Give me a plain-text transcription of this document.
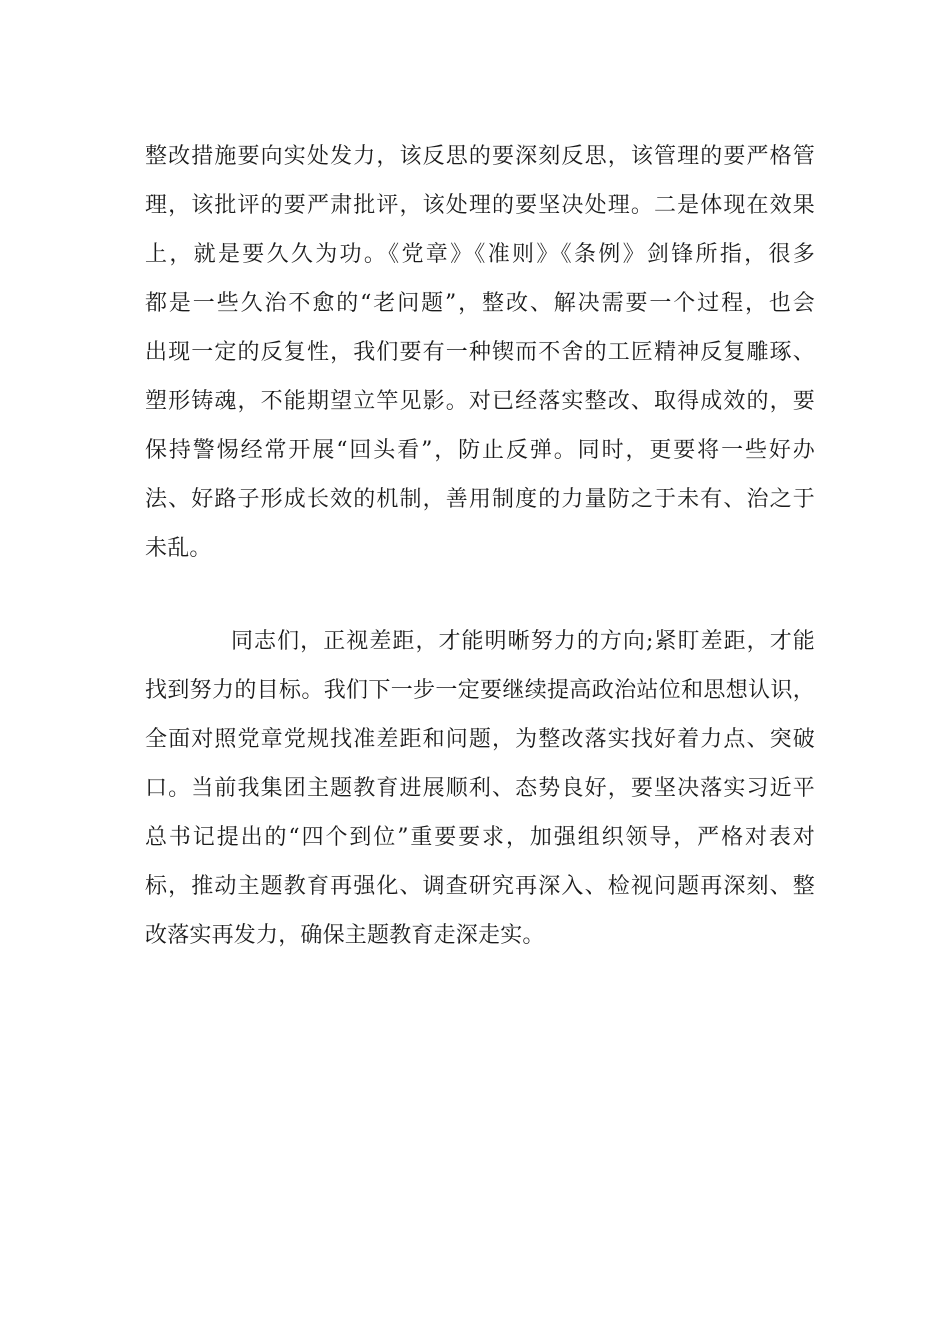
整改措施要向实处发力，该反思的要深刻反思，该管理的要严格管
理，该批评的要严肃批评，该处理的要坚决处理。二是体现在效果
上，就是要久久为功。《党章》《准则》《条例》剑锋所指，很多
都是一些久治不愈的“老问题”，整改、解决需要一个过程，也会
出现一定的反复性，我们要有一种锲而不舍的工匠精神反复雕琢、
塑形铸魂，不能期望立竿见影。对已经落实整改、取得成效的，要
保持警惕经常开展“回头看”，防止反弹。同时，更要将一些好办
法、好路子形成长效的机制，善用制度的力量防之于未有、治之于
未乱。
同志们，正视差距，才能明晰努力的方向;紧盯差距，才能
找到努力的目标。我们下一步一定要继续提高政治站位和思想认识，
全面对照党章党规找准差距和问题，为整改落实找好着力点、突破
口。当前我集团主题教育进展顺利、态势良好，要坚决落实习近平
总书记提出的“四个到位”重要要求，加强组织领导，严格对表对
标，推动主题教育再强化、调查研究再深入、检视问题再深刻、整
改落实再发力，确保主题教育走深走实。
